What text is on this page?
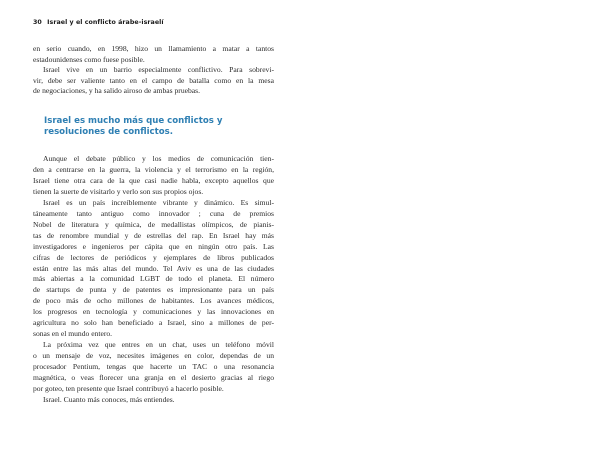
30 Israel y el conflicto árabe-israelí
en serio cuando, en 1998, hizo un llamamiento a matar a tantos
estadounidenses como fuese posible.
Israel vive en un barrio especialmente conflictivo. Para sobrevi-
vir, debe ser valiente tanto en el campo de batalla como en la mesa
de negociaciones, y ha salido airoso de ambas pruebas.
Israel es mucho más que conflictos y
resoluciones de conflictos.
Aunque el debate público y los medios de comunicación tien-
den a centrarse en la guerra, la violencia y el terrorismo en la región,
Israel tiene otra cara de la que casi nadie habla, excepto aquellos que
tienen la suerte de visitarlo y verlo son sus propios ojos.
Israel es un país increíblemente vibrante y dinámico. Es simul-
táneamente tanto antiguo como innovador ; cuna de premios
Nobel de literatura y química, de medallistas olímpicos, de pianis-
tas de renombre mundial y de estrellas del rap. En Israel hay más
investigadores e ingenieros per cápita que en ningún otro país. Las
cifras de lectores de periódicos y ejemplares de libros publicados
están entre las más altas del mundo. Tel Aviv es una de las ciudades
más abiertas a la comunidad LGBT de todo el planeta. El número
de startups de punta y de patentes es impresionante para un país
de poco más de ocho millones de habitantes. Los avances médicos,
los progresos en tecnología y comunicaciones y las innovaciones en
agricultura no solo han beneficiado a Israel, sino a millones de per-
sonas en el mundo entero.
La próxima vez que entres en un chat, uses un teléfono móvil
o un mensaje de voz, necesites imágenes en color, dependas de un
procesador Pentium, tengas que hacerte un TAC o una resonancia
magnética, o veas florecer una granja en el desierto gracias al riego
por goteo, ten presente que Israel contribuyó a hacerlo posible.
Israel. Cuanto más conoces, más entiendes.
